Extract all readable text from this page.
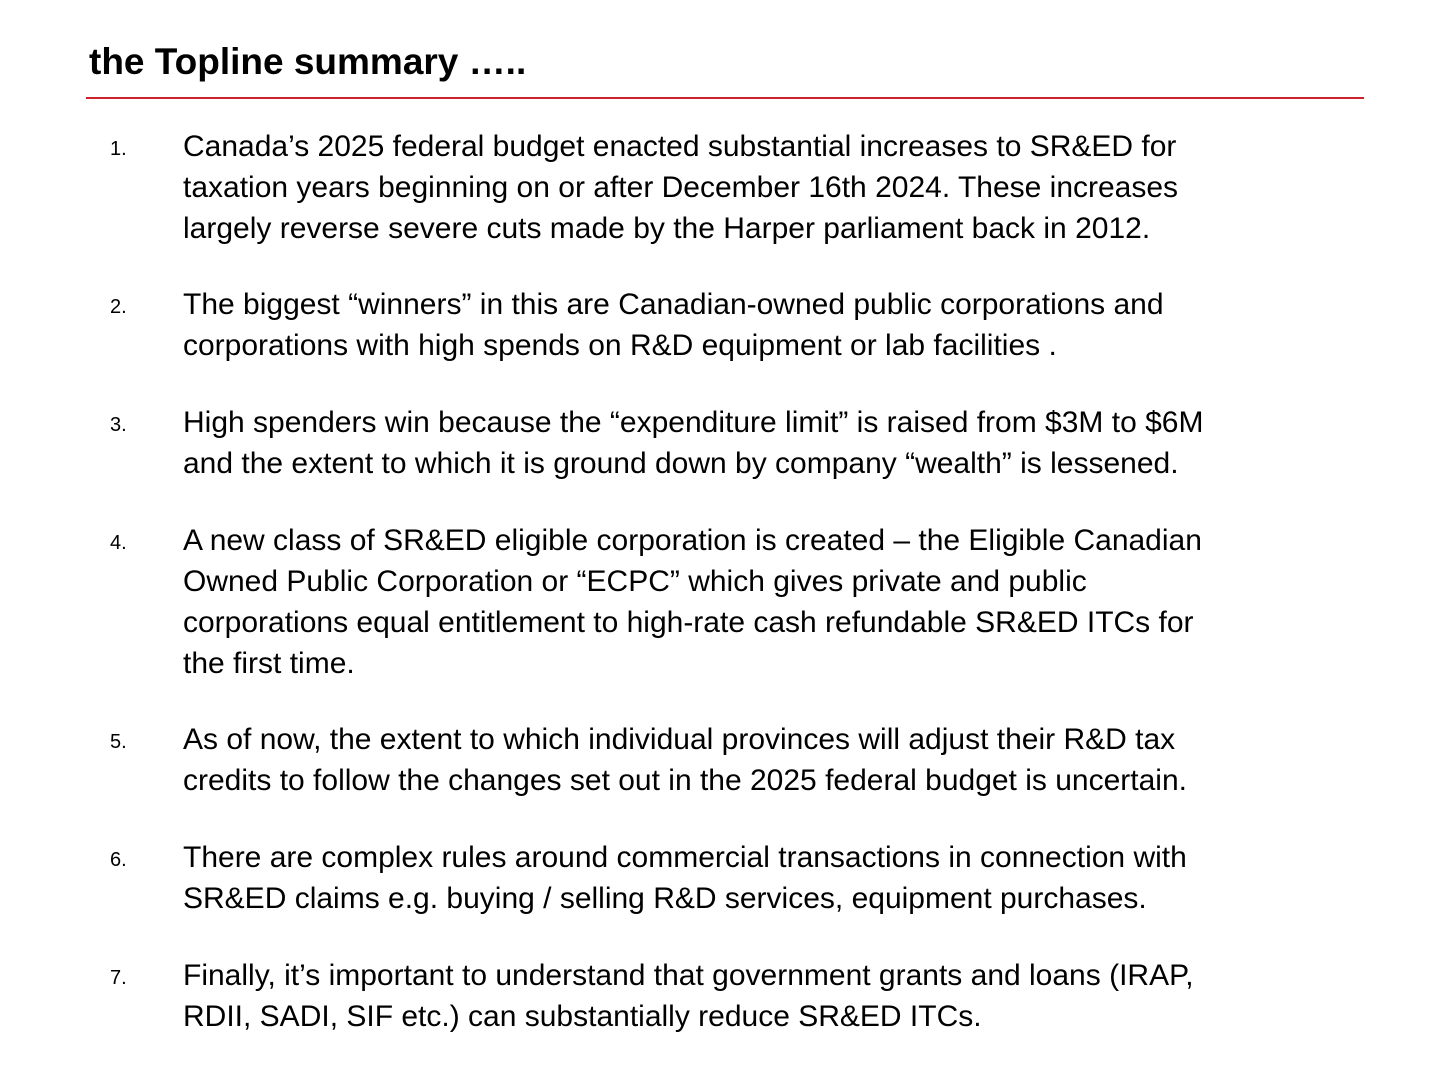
the Topline summary …..
1. Canada’s 2025 federal budget enacted substantial increases to SR&ED for
taxation years beginning on or after December 16th 2024. These increases
largely reverse severe cuts made by the Harper parliament back in 2012.

2. The biggest “winners” in this are Canadian-owned public corporations and
corporations with high spends on R&D equipment or lab facilities .

3. High spenders win because the “expenditure limit” is raised from $3M to $6M
and the extent to which it is ground down by company “wealth” is lessened.

4. A new class of SR&ED eligible corporation is created – the Eligible Canadian
Owned Public Corporation or “ECPC” which gives private and public
corporations equal entitlement to high-rate cash refundable SR&ED ITCs for
the first time.

5. As of now, the extent to which individual provinces will adjust their R&D tax
credits to follow the changes set out in the 2025 federal budget is uncertain.

6. There are complex rules around commercial transactions in connection with
SR&ED claims e.g. buying / selling R&D services, equipment purchases.

7. Finally, it’s important to understand that government grants and loans (IRAP,
RDII, SADI, SIF etc.) can substantially reduce SR&ED ITCs.
